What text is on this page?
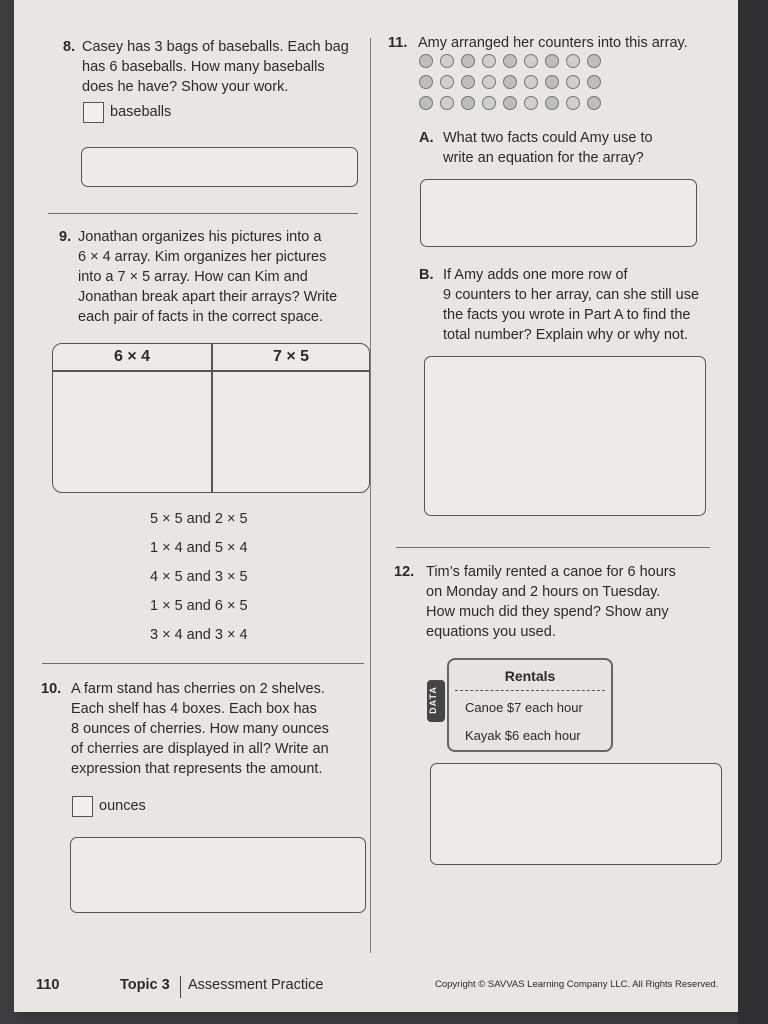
8. Casey has 3 bags of baseballs. Each bag
has 6 baseballs. How many baseballs
does he have? Show your work.
baseballs
9. Jonathan organizes his pictures into a
6 × 4 array. Kim organizes her pictures
into a 7 × 5 array. How can Kim and
Jonathan break apart their arrays? Write
each pair of facts in the correct space.
6 × 4	7 × 5
5 × 5 and 2 × 5
1 × 4 and 5 × 4
4 × 5 and 3 × 5
1 × 5 and 6 × 5
3 × 4 and 3 × 4
10. A farm stand has cherries on 2 shelves.
Each shelf has 4 boxes. Each box has
8 ounces of cherries. How many ounces
of cherries are displayed in all? Write an
expression that represents the amount.
ounces
11. Amy arranged her counters into this array.
A. What two facts could Amy use to
write an equation for the array?
B. If Amy adds one more row of
9 counters to her array, can she still use
the facts you wrote in Part A to find the
total number? Explain why or why not.
12. Tim’s family rented a canoe for 6 hours
on Monday and 2 hours on Tuesday.
How much did they spend? Show any
equations you used.
DATA
Rentals
Canoe $7 each hour
Kayak $6 each hour
110	Topic 3 Assessment Practice	Copyright © SAVVAS Learning Company LLC. All Rights Reserved.
